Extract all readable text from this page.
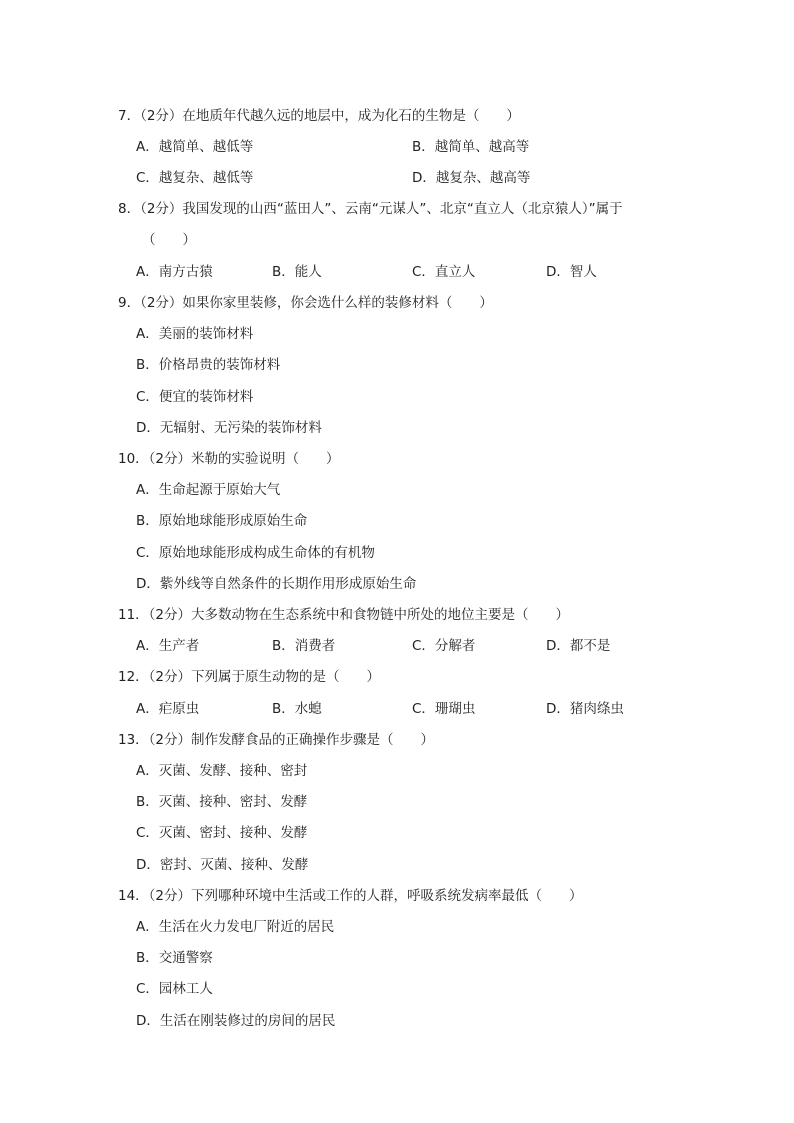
7．（2分）在地质年代越久远的地层中，成为化石的生物是（　　）
A．越简单、越低等	B．越简单、越高等
C．越复杂、越低等	D．越复杂、越高等
8．（2分）我国发现的山西“蓝田人”、云南“元谋人”、北京“直立人（北京猿人）”属于
（　　）
A．南方古猿	B．能人	C．直立人	D．智人
9．（2分）如果你家里装修，你会选什么样的装修材料（　　）
A．美丽的装饰材料
B．价格昂贵的装饰材料
C．便宜的装饰材料
D．无辐射、无污染的装饰材料
10．（2分）米勒的实验说明（　　）
A．生命起源于原始大气
B．原始地球能形成原始生命
C．原始地球能形成构成生命体的有机物
D．紫外线等自然条件的长期作用形成原始生命
11．（2分）大多数动物在生态系统中和食物链中所处的地位主要是（　　）
A．生产者	B．消费者	C．分解者	D．都不是
12．（2分）下列属于原生动物的是（　　）
A．疟原虫	B．水螅	C．珊瑚虫	D．猪肉绦虫
13．（2分）制作发酵食品的正确操作步骤是（　　）
A．灭菌、发酵、接种、密封
B．灭菌、接种、密封、发酵
C．灭菌、密封、接种、发酵
D．密封、灭菌、接种、发酵
14．（2分）下列哪种环境中生活或工作的人群，呼吸系统发病率最低（　　）
A．生活在火力发电厂附近的居民
B．交通警察
C．园林工人
D．生活在刚装修过的房间的居民
